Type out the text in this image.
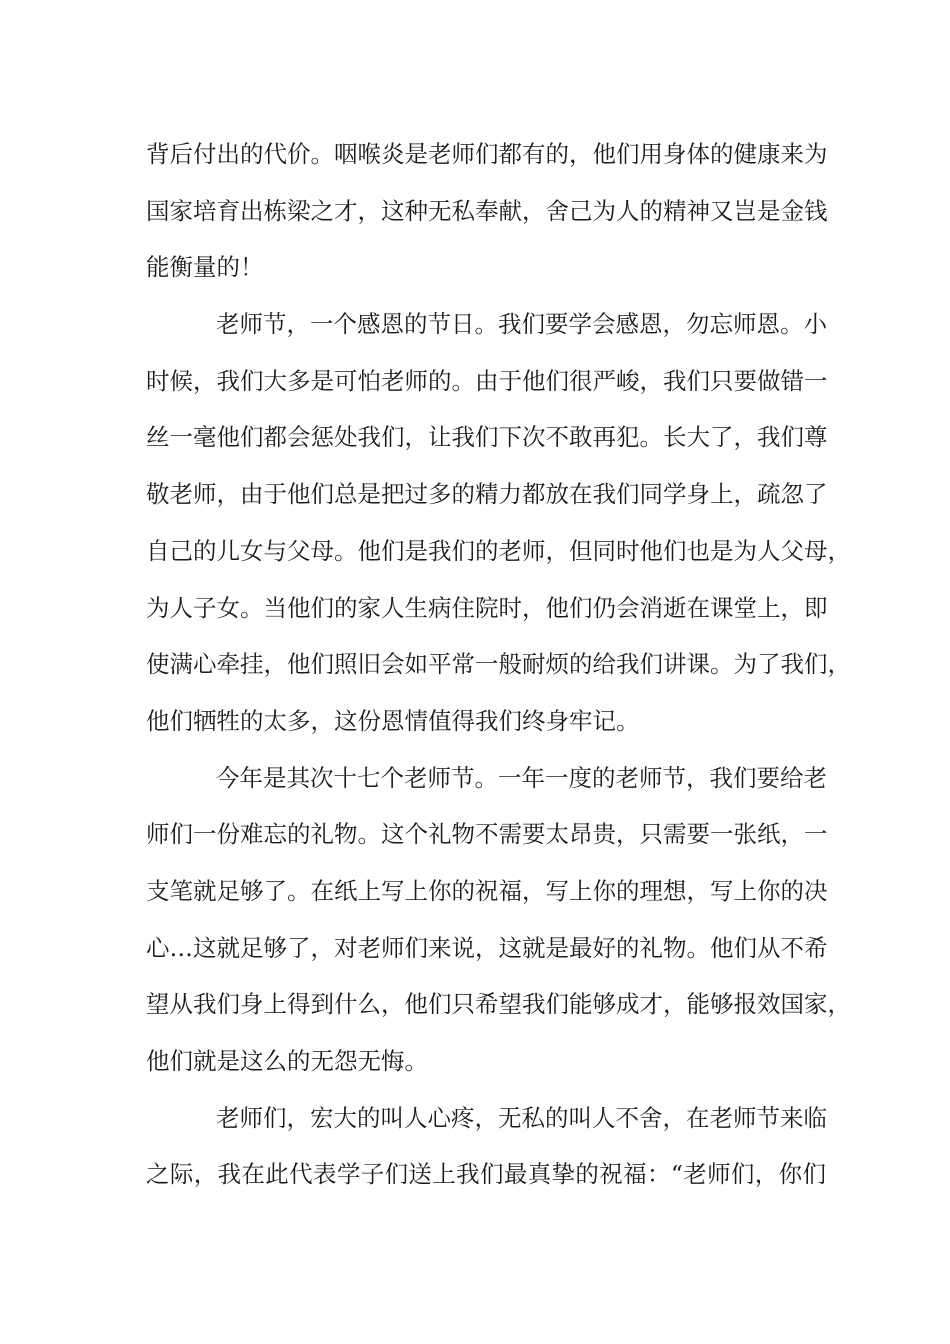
背后付出的代价。咽喉炎是老师们都有的，他们用身体的健康来为
国家培育出栋梁之才，这种无私奉献，舍己为人的精神又岂是金钱
能衡量的！
老师节，一个感恩的节日。我们要学会感恩，勿忘师恩。小
时候，我们大多是可怕老师的。由于他们很严峻，我们只要做错一
丝一毫他们都会惩处我们，让我们下次不敢再犯。长大了，我们尊
敬老师，由于他们总是把过多的精力都放在我们同学身上，疏忽了
自己的儿女与父母。他们是我们的老师，但同时他们也是为人父母，
为人子女。当他们的家人生病住院时，他们仍会消逝在课堂上，即
使满心牵挂，他们照旧会如平常一般耐烦的给我们讲课。为了我们，
他们牺牲的太多，这份恩情值得我们终身牢记。
今年是其次十七个老师节。一年一度的老师节，我们要给老
师们一份难忘的礼物。这个礼物不需要太昂贵，只需要一张纸，一
支笔就足够了。在纸上写上你的祝福，写上你的理想，写上你的决
心…这就足够了，对老师们来说，这就是最好的礼物。他们从不希
望从我们身上得到什么，他们只希望我们能够成才，能够报效国家，
他们就是这么的无怨无悔。
老师们，宏大的叫人心疼，无私的叫人不舍，在老师节来临
之际，我在此代表学子们送上我们最真挚的祝福：“老师们，你们
